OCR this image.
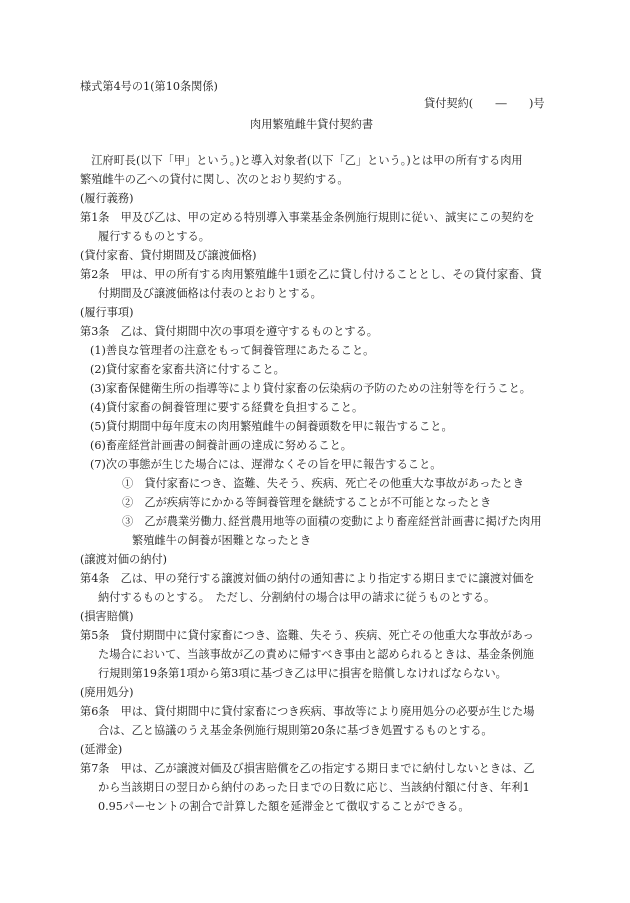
様式第4号の1(第10条関係)
貸付契約(　　―　　)号
肉用繁殖雌牛貸付契約書
　江府町長(以下「甲」という。)と導入対象者(以下「乙」という。)とは甲の所有する肉用
繁殖雌牛の乙への貸付に関し、次のとおり契約する。
(履行義務)
第1条　甲及び乙は、甲の定める特別導入事業基金条例施行規則に従い、誠実にこの契約を
履行するものとする。
(貸付家畜、貸付期間及び譲渡価格)
第2条　甲は、甲の所有する肉用繁殖雌牛1頭を乙に貸し付けることとし、その貸付家畜、貸
付期間及び譲渡価格は付表のとおりとする。
(履行事項)
第3条　乙は、貸付期間中次の事項を遵守するものとする。
(1)善良な管理者の注意をもって飼養管理にあたること。
(2)貸付家畜を家畜共済に付すること。
(3)家畜保健衛生所の指導等により貸付家畜の伝染病の予防のための注射等を行うこと。
(4)貸付家畜の飼養管理に要する経費を負担すること。
(5)貸付期間中毎年度末の肉用繁殖雌牛の飼養頭数を甲に報告すること。
(6)畜産経営計画書の飼養計画の達成に努めること。
(7)次の事態が生じた場合には、遅滞なくその旨を甲に報告すること。
①　貸付家畜につき、盗難、失そう、疾病、死亡その他重大な事故があったとき
②　乙が疾病等にかかる等飼養管理を継続することが不可能となったとき
③　乙が農業労働力､経営農用地等の面積の変動により畜産経営計画書に掲げた肉用
繁殖雌牛の飼養が困難となったとき
(譲渡対価の納付)
第4条　乙は、甲の発行する譲渡対価の納付の通知書により指定する期日までに譲渡対価を
納付するものとする。　ただし、分割納付の場合は甲の請求に従うものとする。
(損害賠償)
第5条　貸付期間中に貸付家畜につき、盗難、失そう、疾病、死亡その他重大な事故があっ
た場合において、当該事故が乙の責めに帰すべき事由と認められるときは、基金条例施
行規則第19条第1項から第3項に基づき乙は甲に損害を賠償しなければならない。
(廃用処分)
第6条　甲は、貸付期間中に貸付家畜につき疾病、事故等により廃用処分の必要が生じた場
合は、乙と協議のうえ基金条例施行規則第20条に基づき処置するものとする。
(延滞金)
第7条　甲は、乙が譲渡対価及び損害賠償を乙の指定する期日までに納付しないときは、乙
から当該期日の翌日から納付のあった日までの日数に応じ、当該納付額に付き、年利1
0.95パーセントの割合で計算した額を延滞金とて徴収することができる。
